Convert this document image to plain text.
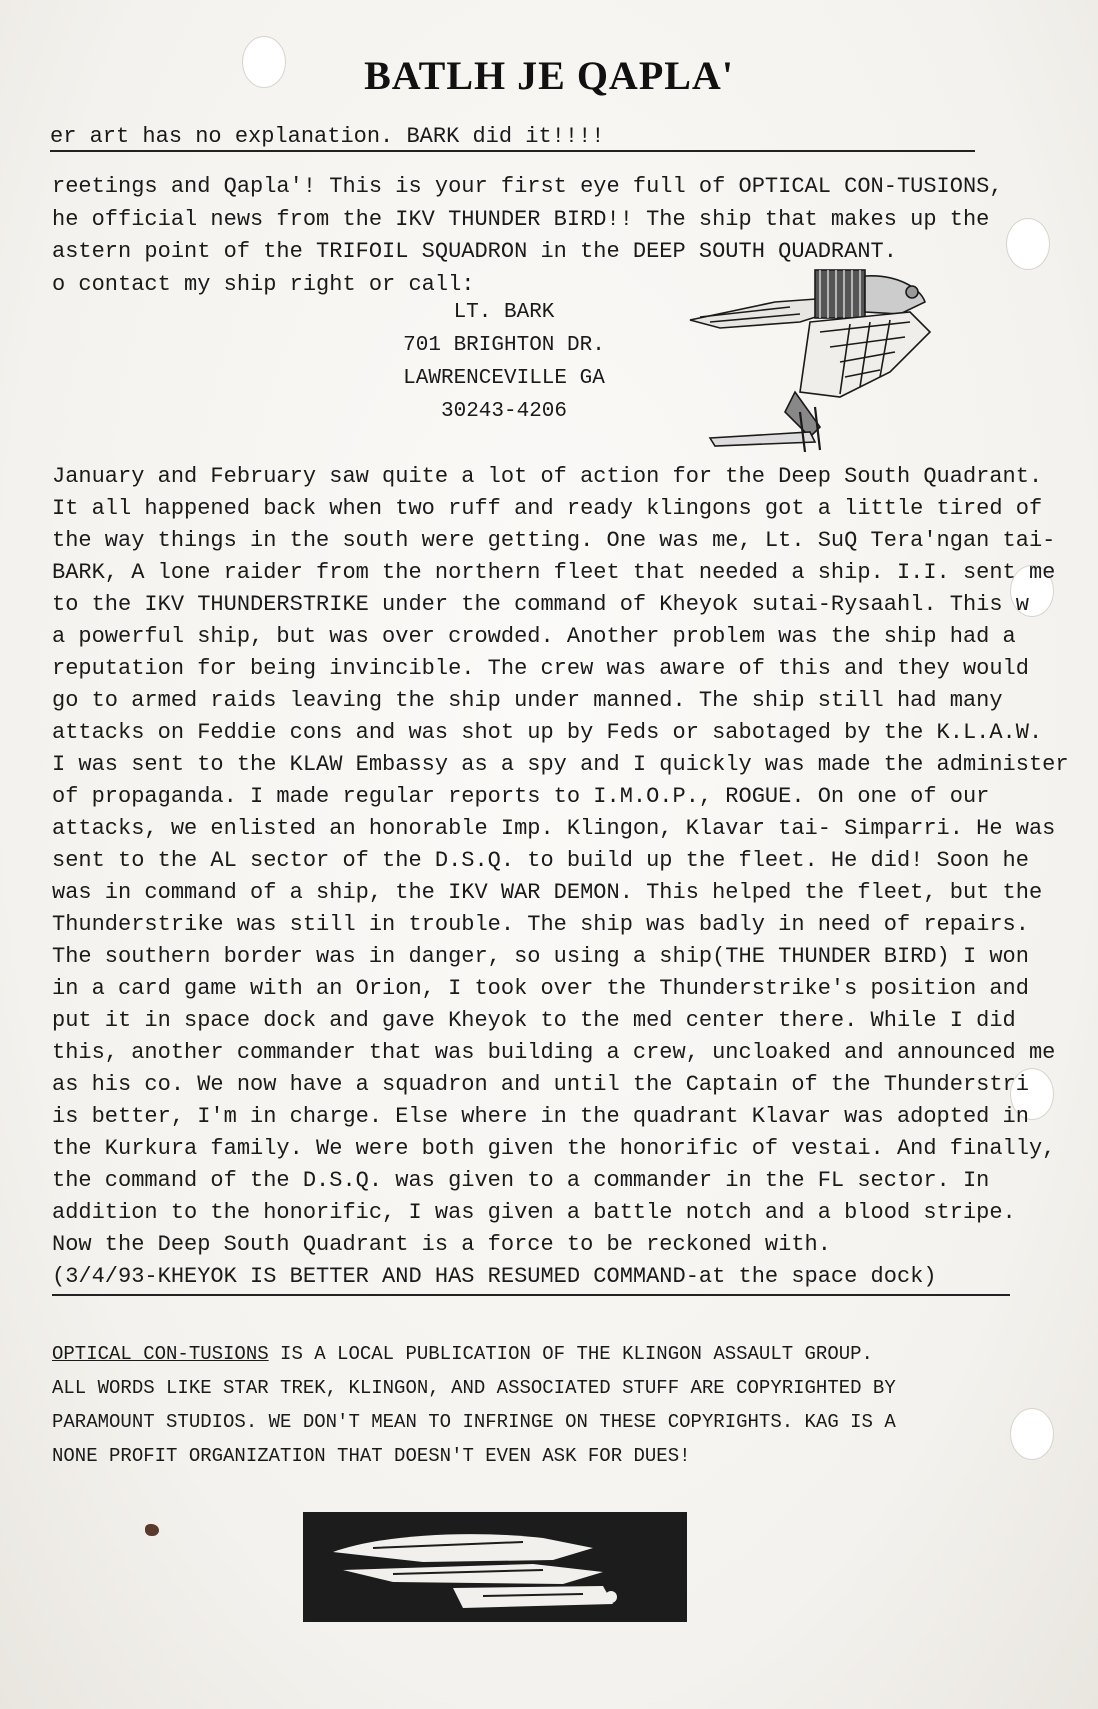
BATLH JE QAPLA'
er art has no explanation. BARK did it!!!!
reetings and Qapla'! This is your first eye full of OPTICAL CON-TUSIONS,
he official news from the IKV THUNDER BIRD!! The ship that makes up the
astern point of the TRIFOIL SQUADRON in the DEEP SOUTH QUADRANT.
o contact my ship right or call:
LT. BARK
701 BRIGHTON DR.
LAWRENCEVILLE GA
30243-4206
January and February saw quite a lot of action for the Deep South Quadrant.
It all happened back when two ruff and ready klingons got a little tired of
the way things in the south were getting. One was me, Lt. SuQ Tera'ngan tai-
BARK, A lone raider from the northern fleet that needed a ship. I.I. sent me
to the IKV THUNDERSTRIKE under the command of Kheyok sutai-Rysaahl. This w
a powerful ship, but was over crowded. Another problem was the ship had a
reputation for being invincible. The crew was aware of this and they would
go to armed raids leaving the ship under manned. The ship still had many
attacks on Feddie cons and was shot up by Feds or sabotaged by the K.L.A.W.
I was sent to the KLAW Embassy as a spy and I quickly was made the administer
of propaganda. I made regular reports to I.M.O.P., ROGUE. On one of our
attacks, we enlisted an honorable Imp. Klingon, Klavar tai- Simparri. He was
sent to the AL sector of the D.S.Q. to build up the fleet. He did! Soon he
was in command of a ship, the IKV WAR DEMON. This helped the fleet, but the
Thunderstrike was still in trouble. The ship was badly in need of repairs.
The southern border was in danger, so using a ship(THE THUNDER BIRD) I won
in a card game with an Orion, I took over the Thunderstrike's position and
put it in space dock and gave Kheyok to the med center there. While I did
this, another commander that was building a crew, uncloaked and announced me
as his co. We now have a squadron and until the Captain of the Thunderstri
is better, I'm in charge. Else where in the quadrant Klavar was adopted in
the Kurkura family. We were both given the honorific of vestai. And finally,
the command of the D.S.Q. was given to a commander in the FL sector. In
addition to the honorific, I was given a battle notch and a blood stripe.
Now the Deep South Quadrant is a force to be reckoned with.
(3/4/93-KHEYOK IS BETTER AND HAS RESUMED COMMAND-at the space dock)
OPTICAL CON-TUSIONS IS A LOCAL PUBLICATION OF THE KLINGON ASSAULT GROUP.
ALL WORDS LIKE STAR TREK, KLINGON, AND ASSOCIATED STUFF ARE COPYRIGHTED BY
PARAMOUNT STUDIOS. WE DON'T MEAN TO INFRINGE ON THESE COPYRIGHTS. KAG IS A
NONE PROFIT ORGANIZATION THAT DOESN'T EVEN ASK FOR DUES!
